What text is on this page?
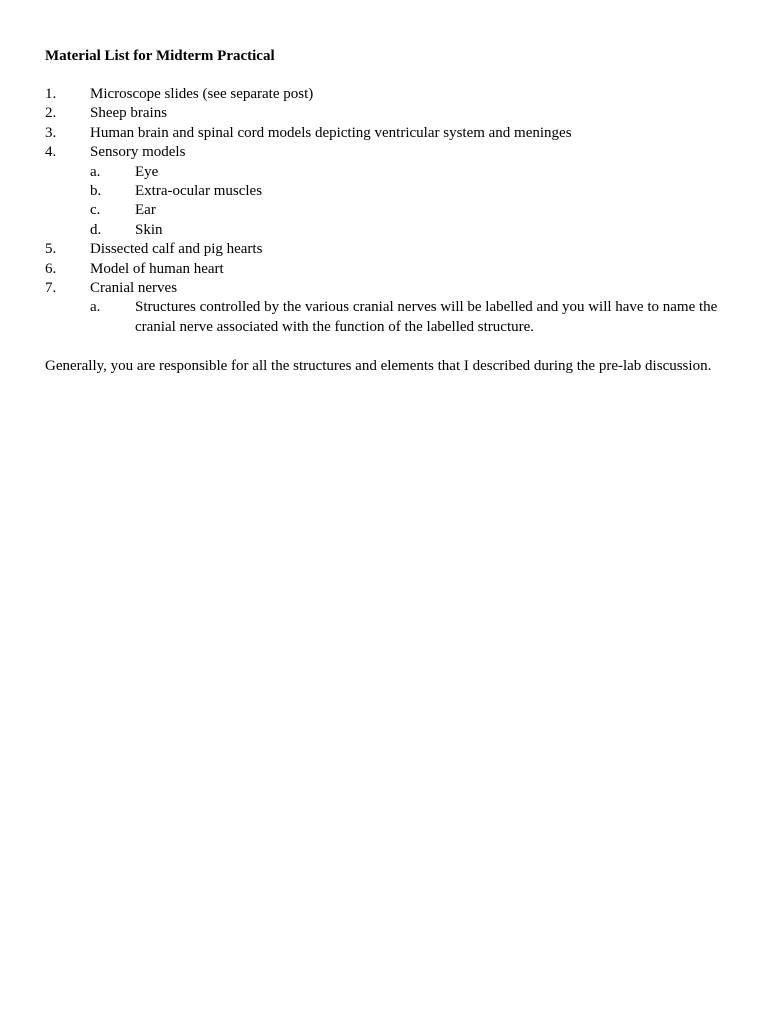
Material List for Midterm Practical
1.	Microscope slides (see separate post)
2.	Sheep brains
3.	Human brain and spinal cord models depicting ventricular system and meninges
4.	Sensory models
a.	Eye
b.	Extra-ocular muscles
c.	Ear
d.	Skin
5.	Dissected calf and pig hearts
6.	Model of human heart
7.	Cranial nerves
a.	Structures controlled by the various cranial nerves will be labelled and you will have to name the cranial nerve associated with the function of the labelled structure.
Generally, you are responsible for all the structures and elements that I described during the pre-lab discussion.
